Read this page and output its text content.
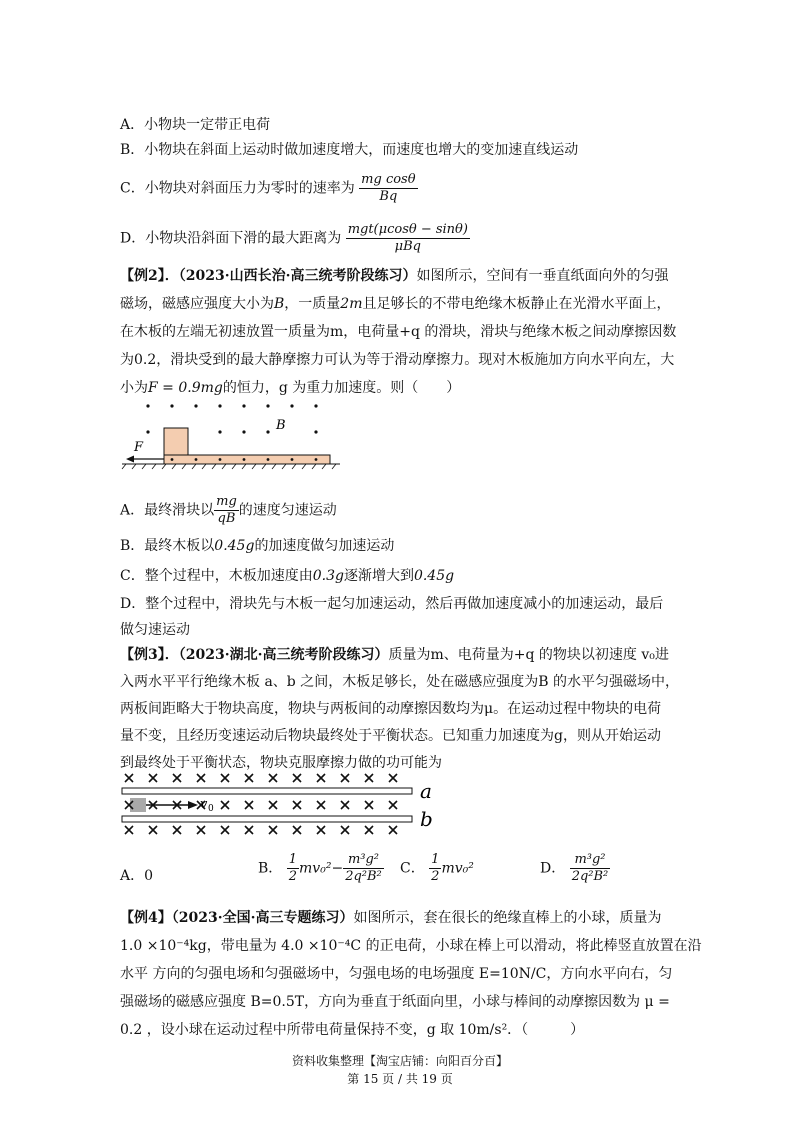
A．小物块一定带正电荷
B．小物块在斜面上运动时做加速度增大，而速度也增大的变加速直线运动
C．小物块对斜面压力为零时的速率为 $\frac{\text{mg cosθ}}{Bq}$
D．小物块沿斜面下滑的最大距离为 $\frac{\text{mgt(μcosθ − sinθ)}}{\text{μBq}}$
【例2】．（2023·山西长治·高三统考阶段练习）如图所示，空间有一垂直纸面向外的匀强
磁场，磁感应强度大小为B，一质量2m且足够长的不带电绝缘木板静止在光滑水平面上，
在木板的左端无初速放置一质量为m，电荷量+q 的滑块，滑块与绝缘木板之间动摩擦因数
为0.2，滑块受到的最大静摩擦力可认为等于滑动摩擦力。现对木板施加方向水平向左，大
小为F = 0.9mg的恒力，g 为重力加速度。则（　　）
F
B
A．最终滑块以 $\frac{mg}{qB}$ 的速度匀速运动
B．最终木板以0.45g的加速度做匀加速运动
C．整个过程中，木板加速度由0.3g逐渐增大到0.45g
D．整个过程中，滑块先与木板一起匀加速运动，然后再做加速度减小的加速运动，最后
做匀速运动
【例3】．（2023·湖北·高三统考阶段练习）质量为m、电荷量为+q 的物块以初速度 v₀进
入两水平平行绝缘木板 a、b 之间，木板足够长，处在磁感应强度为B 的水平匀强磁场中，
两板间距略大于物块高度，物块与两板间的动摩擦因数均为μ。在运动过程中物块的电荷
量不变，且经历变速运动后物块最终处于平衡状态。已知重力加速度为g，则从开始运动
到最终处于平衡状态，物块克服摩擦力做的功可能为
v 0
a
b
A．0	B． $\frac{1}{2} mv_0^2- \frac{\text{m³g²}}{\text{2q²B²}}$ C． $\frac{1}{2} mv_0^2$	D． $\frac{\text{m³g²}}{\text{2q²B²}}$
【例4】（2023·全国·高三专题练习）如图所示，套在很长的绝缘直棒上的小球，质量为
1.0 ×10⁻⁴kg，带电量为 4.0 ×10⁻⁴C 的正电荷，小球在棒上可以滑动，将此棒竖直放置在沿
水平 方向的匀强电场和匀强磁场中，匀强电场的电场强度 E=10N/C，方向水平向右，匀
强磁场的磁感应强度 B=0.5T，方向为垂直于纸面向里，小球与棒间的动摩擦因数为 μ =
0.2 ，设小球在运动过程中所带电荷量保持不变，g 取 10m/s²．（　　　）
资料收集整理【淘宝店铺：向阳百分百】
第 15 页 / 共 19 页
